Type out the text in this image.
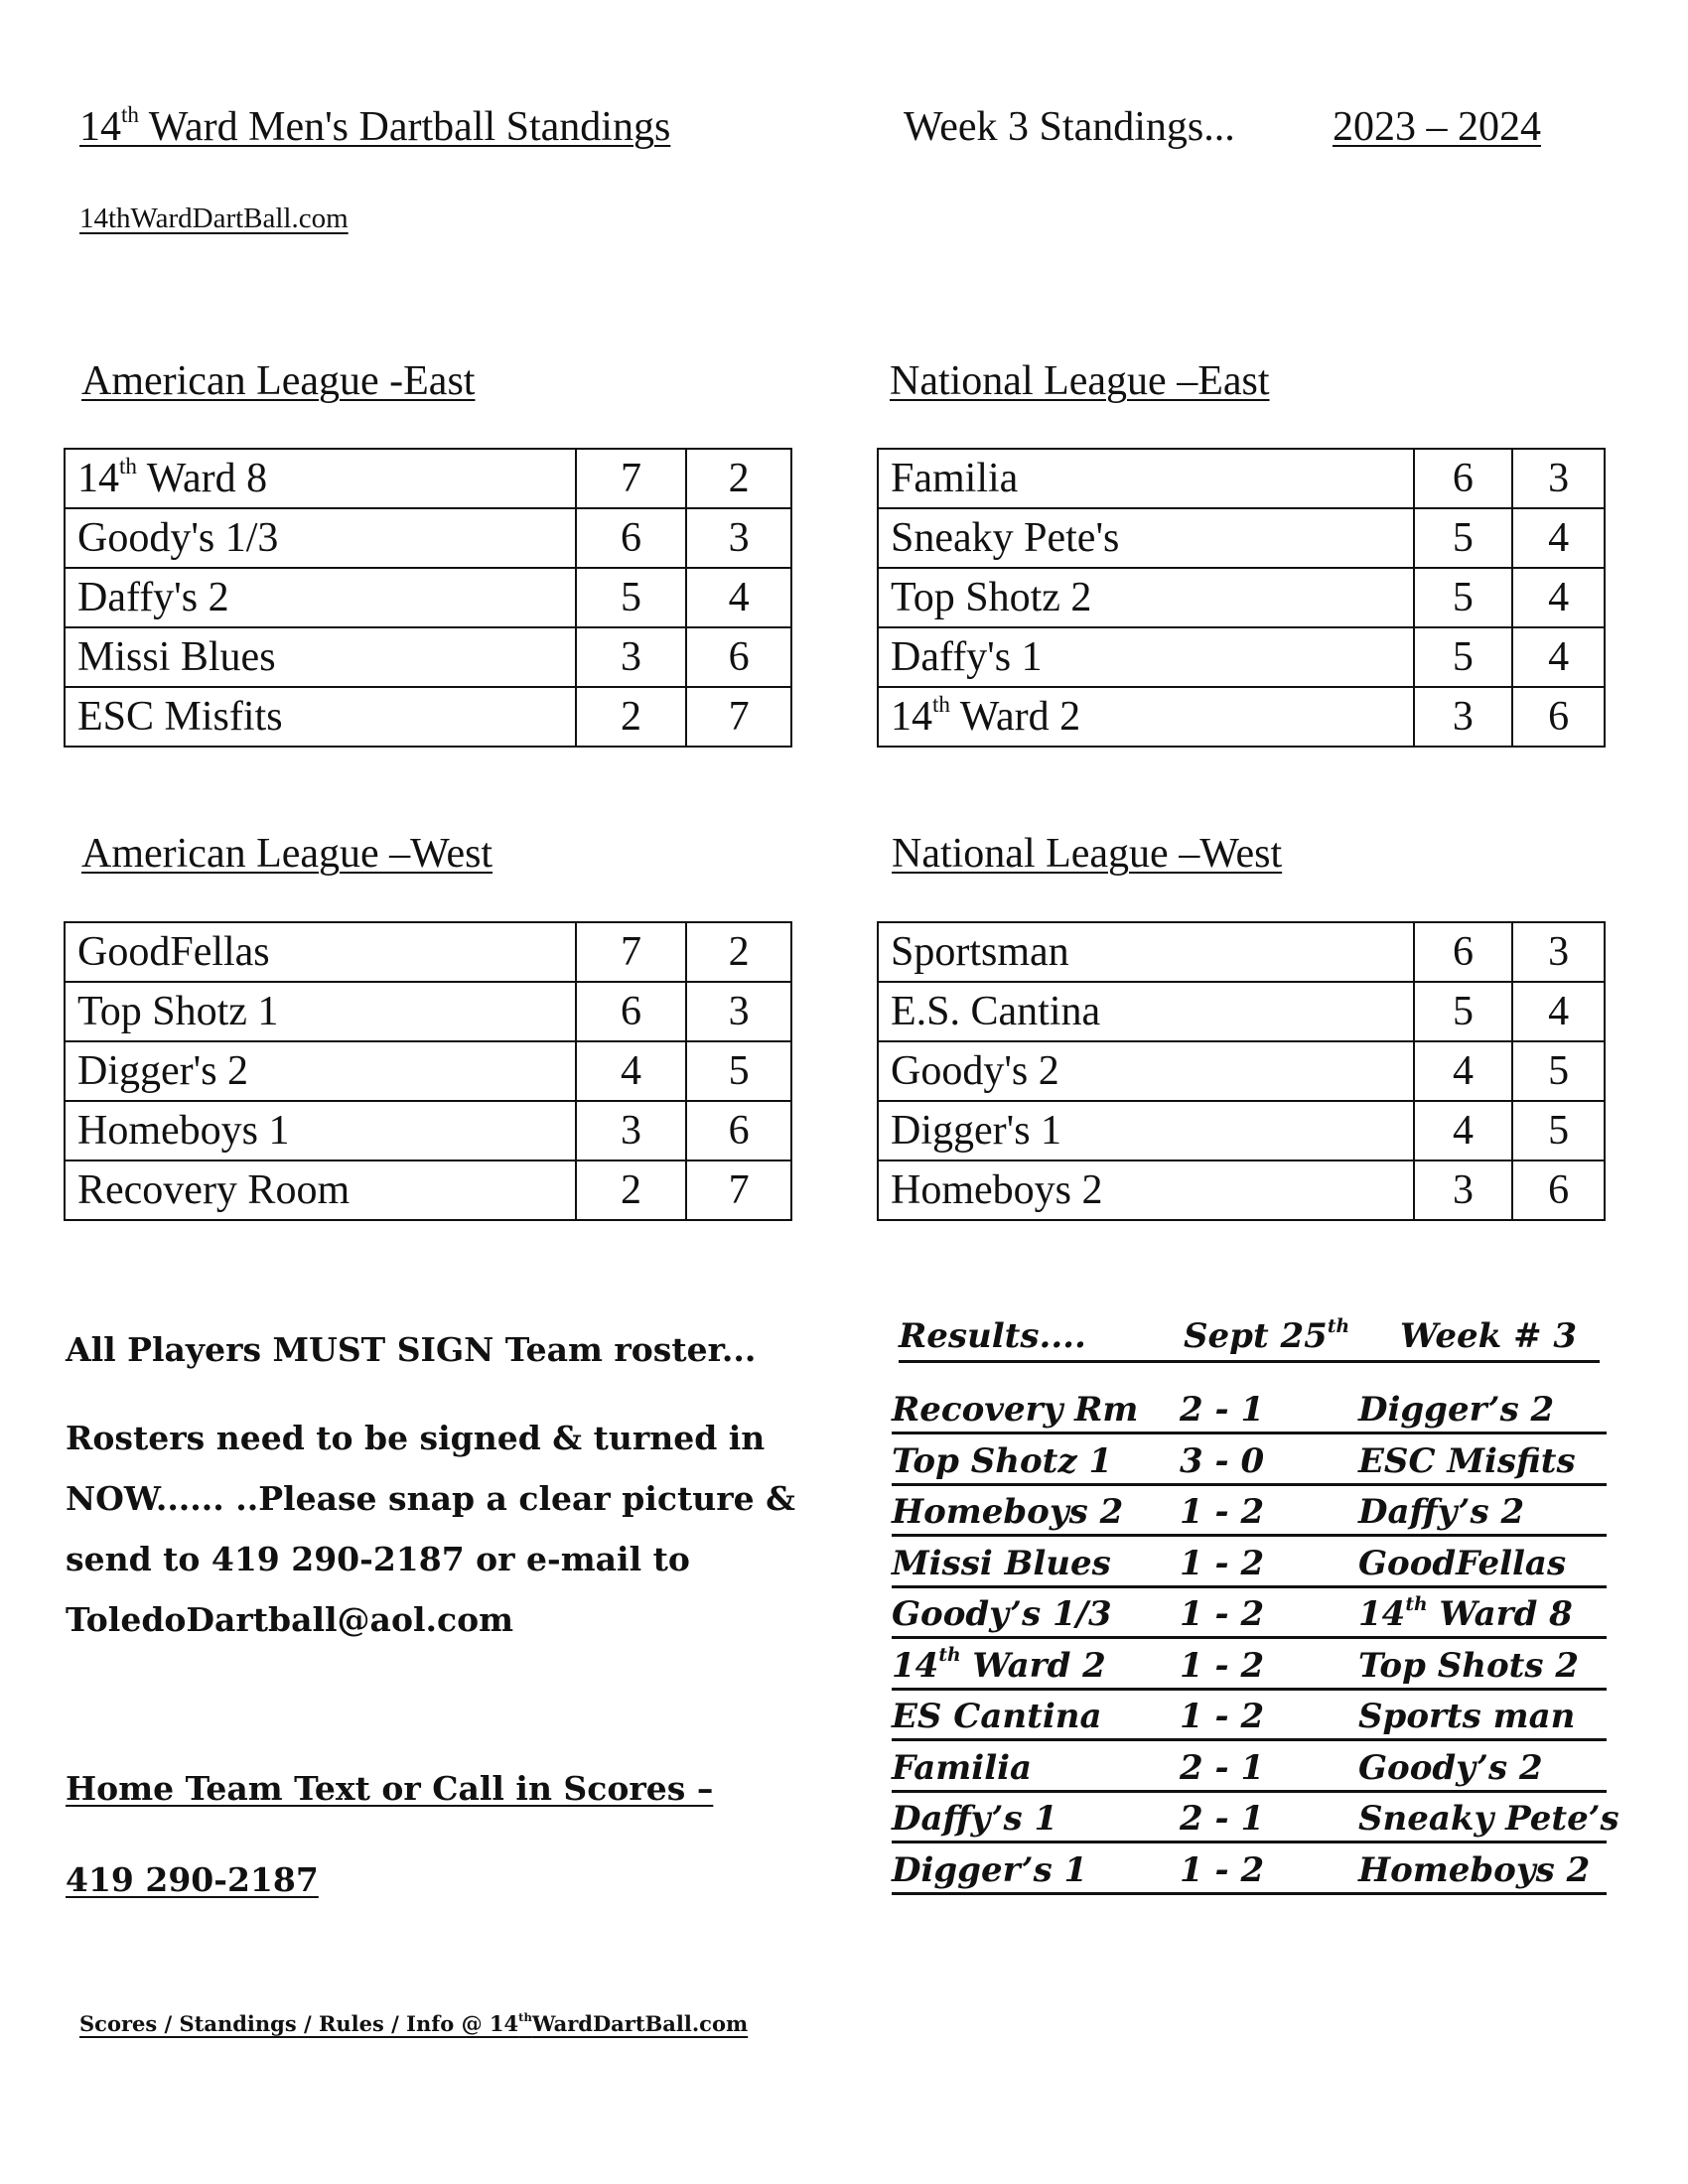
14th Ward Men's Dartball Standings	Week 3 Standings... 2023 – 2024
14thWardDartBall.com
American League -East
14th Ward 8	7	2
Goody's 1/3	6	3
Daffy's 2	5	4
Missi Blues	3	6
ESC Misfits	2	7
National League –East
Familia	6	3
Sneaky Pete's	5	4
Top Shotz 2	5	4
Daffy's 1	5	4
14th Ward 2	3	6
American League –West
GoodFellas	7	2
Top Shotz 1	6	3
Digger's 2	4	5
Homeboys 1	3	6
Recovery Room	2	7
National League –West
Sportsman	6	3
E.S. Cantina	5	4
Goody's 2	4	5
Digger's 1	4	5
Homeboys 2	3	6
All Players MUST SIGN Team roster...
Rosters need to be signed & turned in
NOW...... ..Please snap a clear picture &
send to 419 290-2187 or e-mail to
ToledoDartball@aol.com
Home Team Text or Call in Scores –
419 290-2187
Results....	Sept 25th Week # 3
Recovery Rm 2 - 1	Digger’s 2
Top Shotz 1 3 - 0	ESC Misfits
Homeboys 2 1 - 2	Daffy’s 2
Missi Blues 1 - 2	GoodFellas
Goody’s 1/3 1 - 2	14th Ward 8
14th Ward 2 1 - 2	Top Shots 2
ES Cantina 1 - 2	Sports man
Familia	2 - 1	Goody’s 2
Daffy’s 1	2 - 1	Sneaky Pete’s
Digger’s 1	1 - 2	Homeboys 2
Scores / Standings / Rules / Info @ 14thWardDartBall.com
